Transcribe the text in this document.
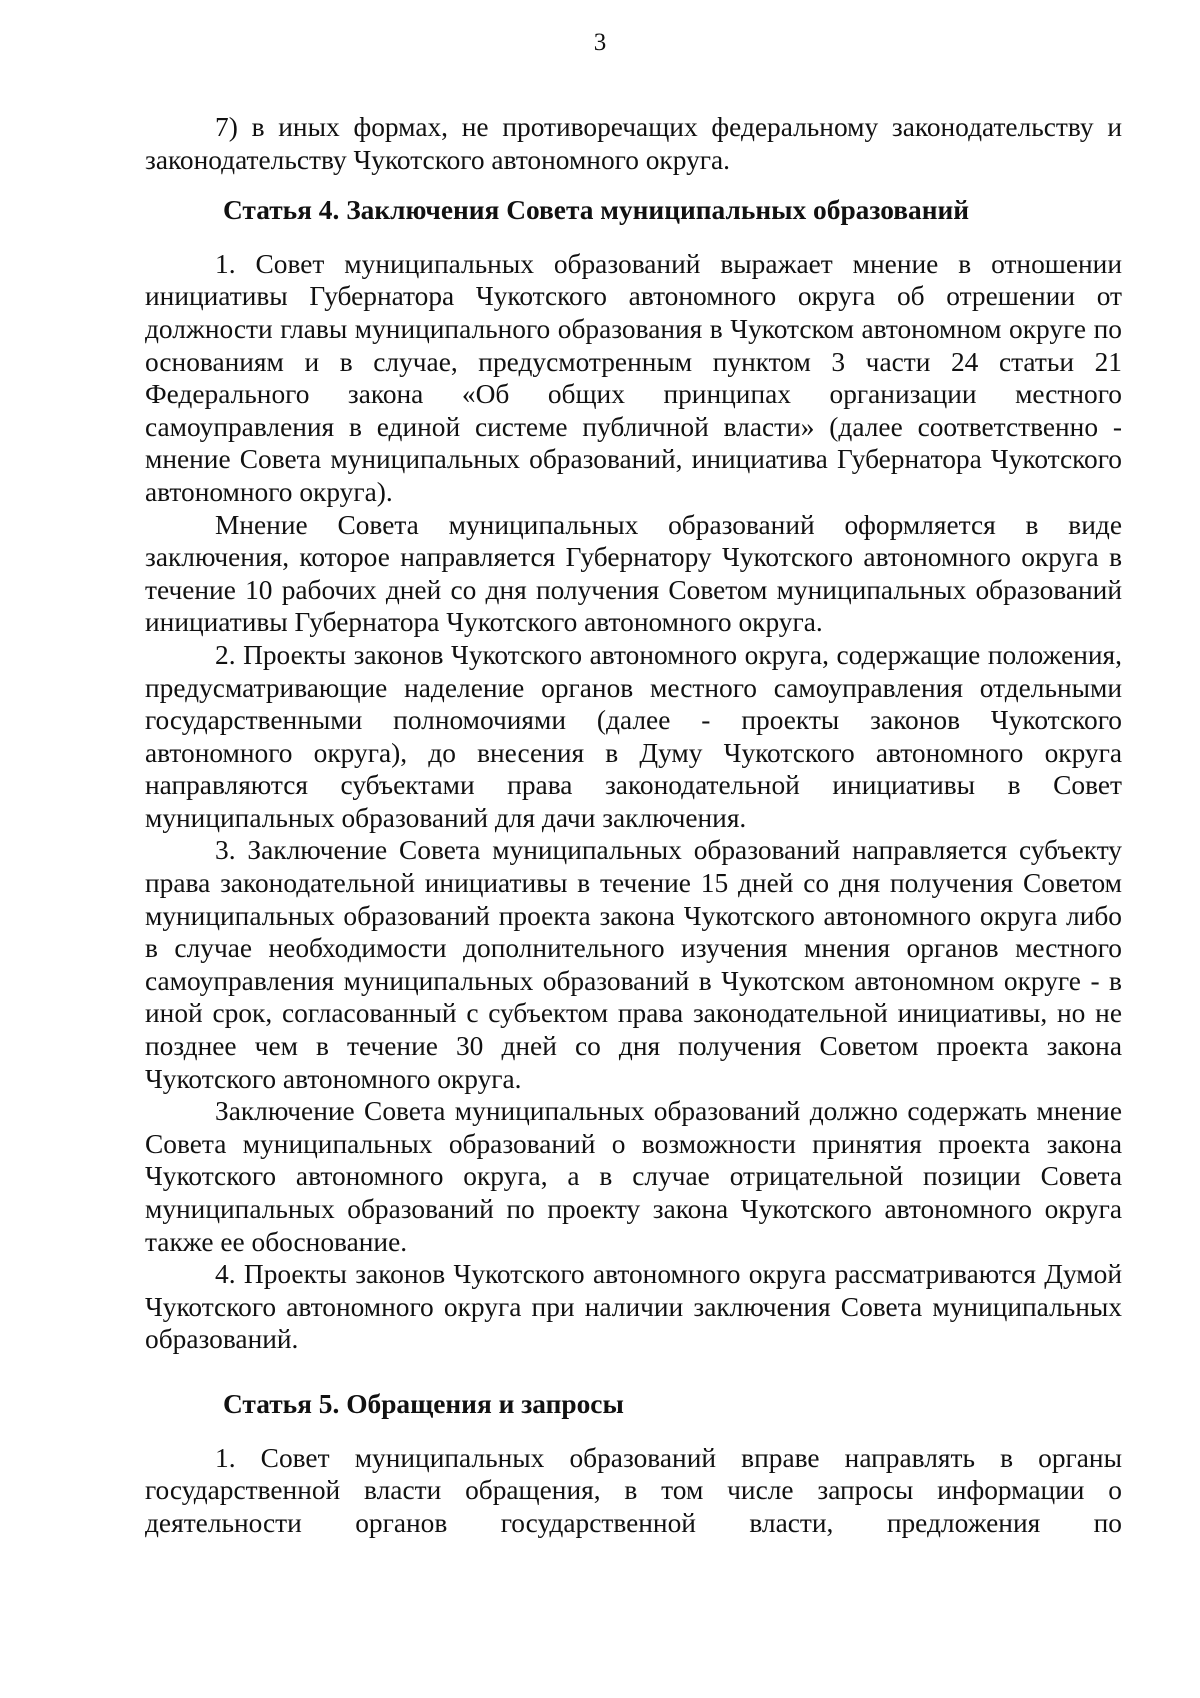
3

7) в иных формах, не противоречащих федеральному законодательству и законодательству Чукотского автономного округа.

Статья 4. Заключения Совета муниципальных образований

1. Совет муниципальных образований выражает мнение в отношении инициативы Губернатора Чукотского автономного округа об отрешении от должности главы муниципального образования в Чукотском автономном округе по основаниям и в случае, предусмотренным пунктом 3 части 24 статьи 21 Федерального закона «Об общих принципах организации местного самоуправления в единой системе публичной власти» (далее соответственно - мнение Совета муниципальных образований, инициатива Губернатора Чукотского автономного округа).

Мнение Совета муниципальных образований оформляется в виде заключения, которое направляется Губернатору Чукотского автономного округа в течение 10 рабочих дней со дня получения Советом муниципальных образований инициативы Губернатора Чукотского автономного округа.

2. Проекты законов Чукотского автономного округа, содержащие положения, предусматривающие наделение органов местного самоуправления отдельными государственными полномочиями (далее - проекты законов Чукотского автономного округа), до внесения в Думу Чукотского автономного округа направляются субъектами права законодательной инициативы в Совет муниципальных образований для дачи заключения.

3. Заключение Совета муниципальных образований направляется субъекту права законодательной инициативы в течение 15 дней со дня получения Советом муниципальных образований проекта закона Чукотского автономного округа либо в случае необходимости дополнительного изучения мнения органов местного самоуправления муниципальных образований в Чукотском автономном округе - в иной срок, согласованный с субъектом права законодательной инициативы, но не позднее чем в течение 30 дней со дня получения Советом проекта закона Чукотского автономного округа.

Заключение Совета муниципальных образований должно содержать мнение Совета муниципальных образований о возможности принятия проекта закона Чукотского автономного округа, а в случае отрицательной позиции Совета муниципальных образований по проекту закона Чукотского автономного округа также ее обоснование.

4. Проекты законов Чукотского автономного округа рассматриваются Думой Чукотского автономного округа при наличии заключения Совета муниципальных образований.

Статья 5. Обращения и запросы

1. Совет муниципальных образований вправе направлять в органы государственной власти обращения, в том числе запросы информации о деятельности органов государственной власти, предложения по
